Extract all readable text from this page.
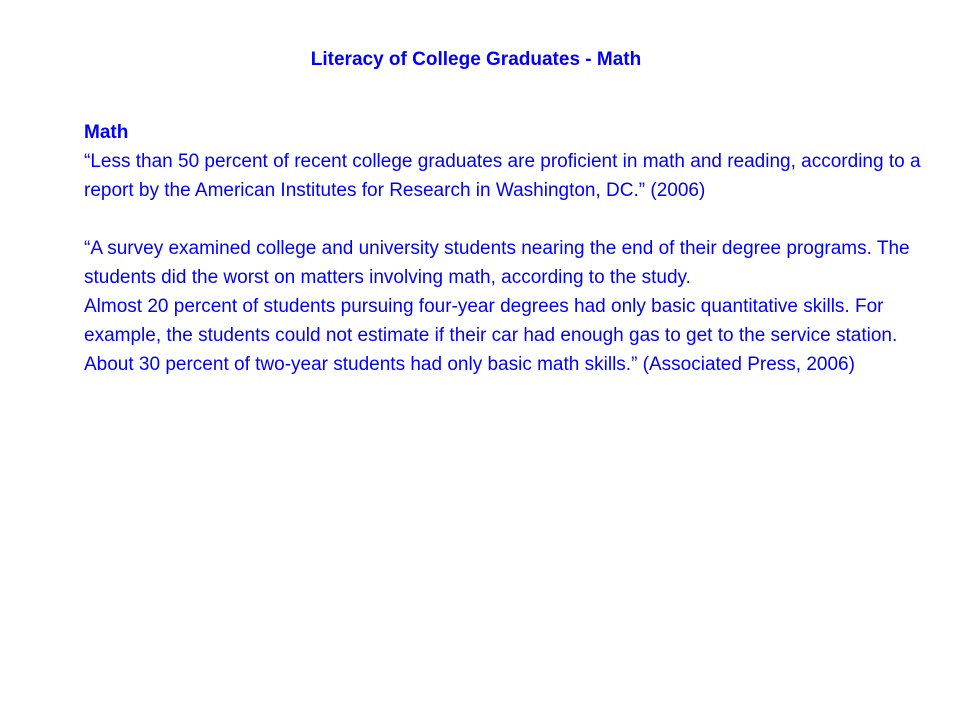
Literacy of College Graduates - Math

Math

“Less than 50 percent of recent college graduates are proficient in math and reading, according to a report by the American Institutes for Research in Washington, DC.” (2006)

“A survey examined college and university students nearing the end of their degree programs. The students did the worst on matters involving math, according to the study.

Almost 20 percent of students pursuing four-year degrees had only basic quantitative skills. For example, the students could not estimate if their car had enough gas to get to the service station. About 30 percent of two-year students had only basic math skills.” (Associated Press, 2006)
